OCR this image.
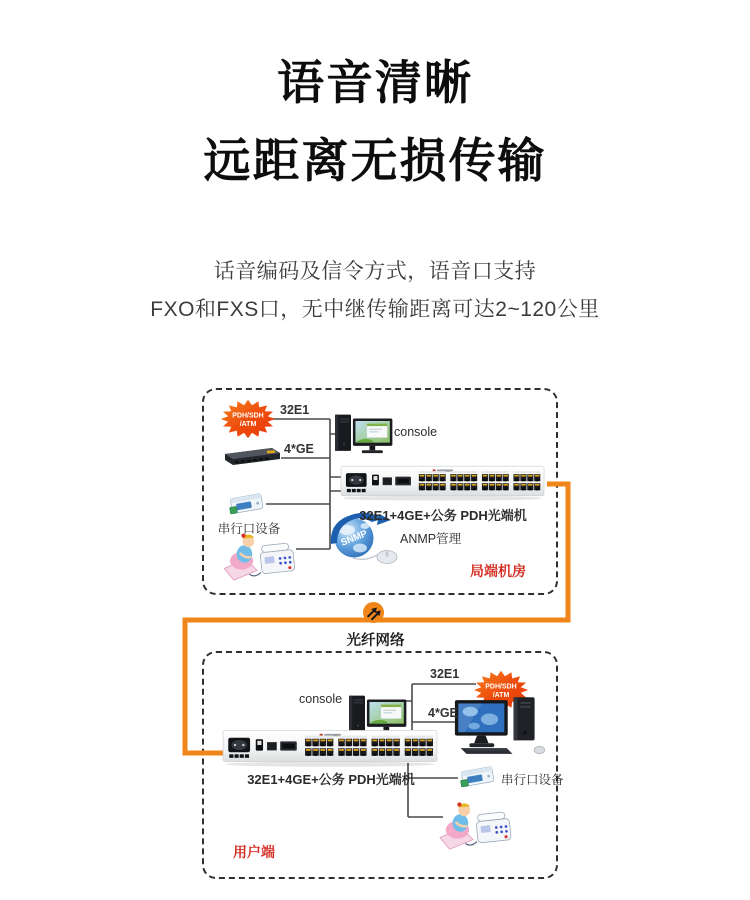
语音清晰
远距离无损传输

话音编码及信令方式，语音口支持

FXO和FXS口，无中继传输距离可达2~120公里

32E1
4*GE
console
32E1+4GE+公务 PDH光端机
串行口设备
ANMP管理
局端机房
光纤网络
console
32E1
4*GE
32E1+4GE+公务 PDH光端机	串行口设备
用户端
